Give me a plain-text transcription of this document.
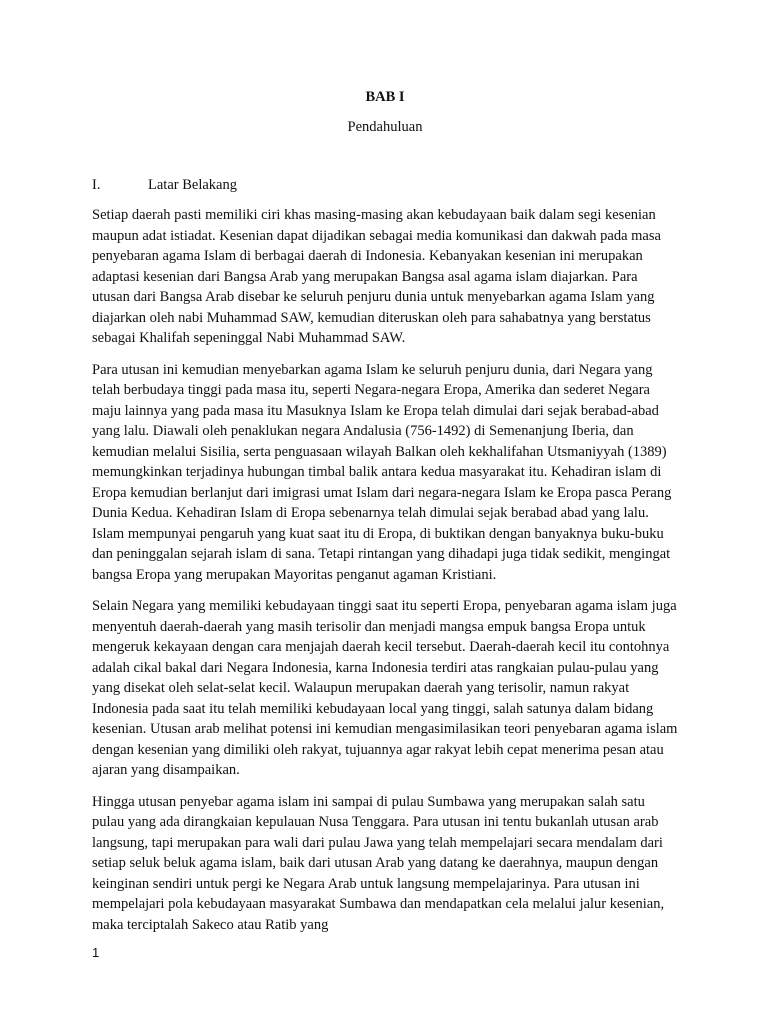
BAB I

Pendahuluan

I.	Latar Belakang

Setiap daerah pasti memiliki ciri khas masing-masing akan kebudayaan baik dalam segi kesenian maupun adat istiadat. Kesenian dapat dijadikan sebagai media komunikasi dan dakwah pada masa penyebaran agama Islam di berbagai daerah di Indonesia. Kebanyakan kesenian ini merupakan adaptasi kesenian dari Bangsa Arab yang merupakan Bangsa asal agama islam diajarkan. Para utusan dari Bangsa Arab disebar ke seluruh penjuru dunia untuk menyebarkan agama Islam yang diajarkan oleh nabi Muhammad SAW, kemudian diteruskan oleh para sahabatnya yang berstatus sebagai Khalifah sepeninggal Nabi Muhammad SAW.

Para utusan ini kemudian menyebarkan agama Islam ke seluruh penjuru dunia, dari Negara yang telah berbudaya tinggi pada masa itu, seperti Negara-negara Eropa, Amerika dan sederet Negara maju lainnya yang pada masa itu Masuknya Islam ke Eropa telah dimulai dari sejak berabad-abad yang lalu. Diawali oleh penaklukan negara Andalusia (756-1492) di Semenanjung Iberia, dan kemudian melalui Sisilia, serta penguasaan wilayah Balkan oleh kekhalifahan Utsmaniyyah (1389) memungkinkan terjadinya hubungan timbal balik antara kedua masyarakat itu. Kehadiran islam di Eropa kemudian berlanjut dari imigrasi umat Islam dari negara-negara Islam ke Eropa pasca Perang Dunia Kedua. Kehadiran Islam di Eropa sebenarnya telah dimulai sejak berabad abad yang lalu. Islam mempunyai pengaruh yang kuat saat itu di Eropa, di buktikan dengan banyaknya buku-buku dan peninggalan sejarah islam di sana. Tetapi rintangan yang dihadapi juga tidak sedikit, mengingat bangsa Eropa yang merupakan Mayoritas penganut agaman Kristiani.

Selain Negara yang memiliki kebudayaan tinggi saat itu seperti Eropa, penyebaran agama islam juga menyentuh daerah-daerah yang masih terisolir dan menjadi mangsa empuk bangsa Eropa untuk mengeruk kekayaan dengan cara menjajah daerah kecil tersebut. Daerah-daerah kecil itu contohnya adalah cikal bakal dari Negara Indonesia, karna Indonesia terdiri atas rangkaian pulau-pulau yang yang disekat oleh selat-selat kecil. Walaupun merupakan daerah yang terisolir, namun rakyat Indonesia pada saat itu telah memiliki kebudayaan local yang tinggi, salah satunya dalam bidang kesenian. Utusan arab melihat potensi ini kemudian mengasimilasikan teori penyebaran agama islam dengan kesenian yang dimiliki oleh rakyat, tujuannya agar rakyat lebih cepat menerima pesan atau ajaran yang disampaikan.

Hingga utusan penyebar agama islam ini sampai di pulau Sumbawa yang merupakan salah satu pulau yang ada dirangkaian kepulauan Nusa Tenggara. Para utusan ini tentu bukanlah utusan arab langsung, tapi merupakan para wali dari pulau Jawa yang telah mempelajari secara mendalam dari setiap seluk beluk agama islam, baik dari utusan Arab yang datang ke daerahnya, maupun dengan keinginan sendiri untuk pergi ke Negara Arab untuk langsung mempelajarinya. Para utusan ini mempelajari pola kebudayaan masyarakat Sumbawa dan mendapatkan cela melalui jalur kesenian, maka terciptalah Sakeco atau Ratib yang

1
